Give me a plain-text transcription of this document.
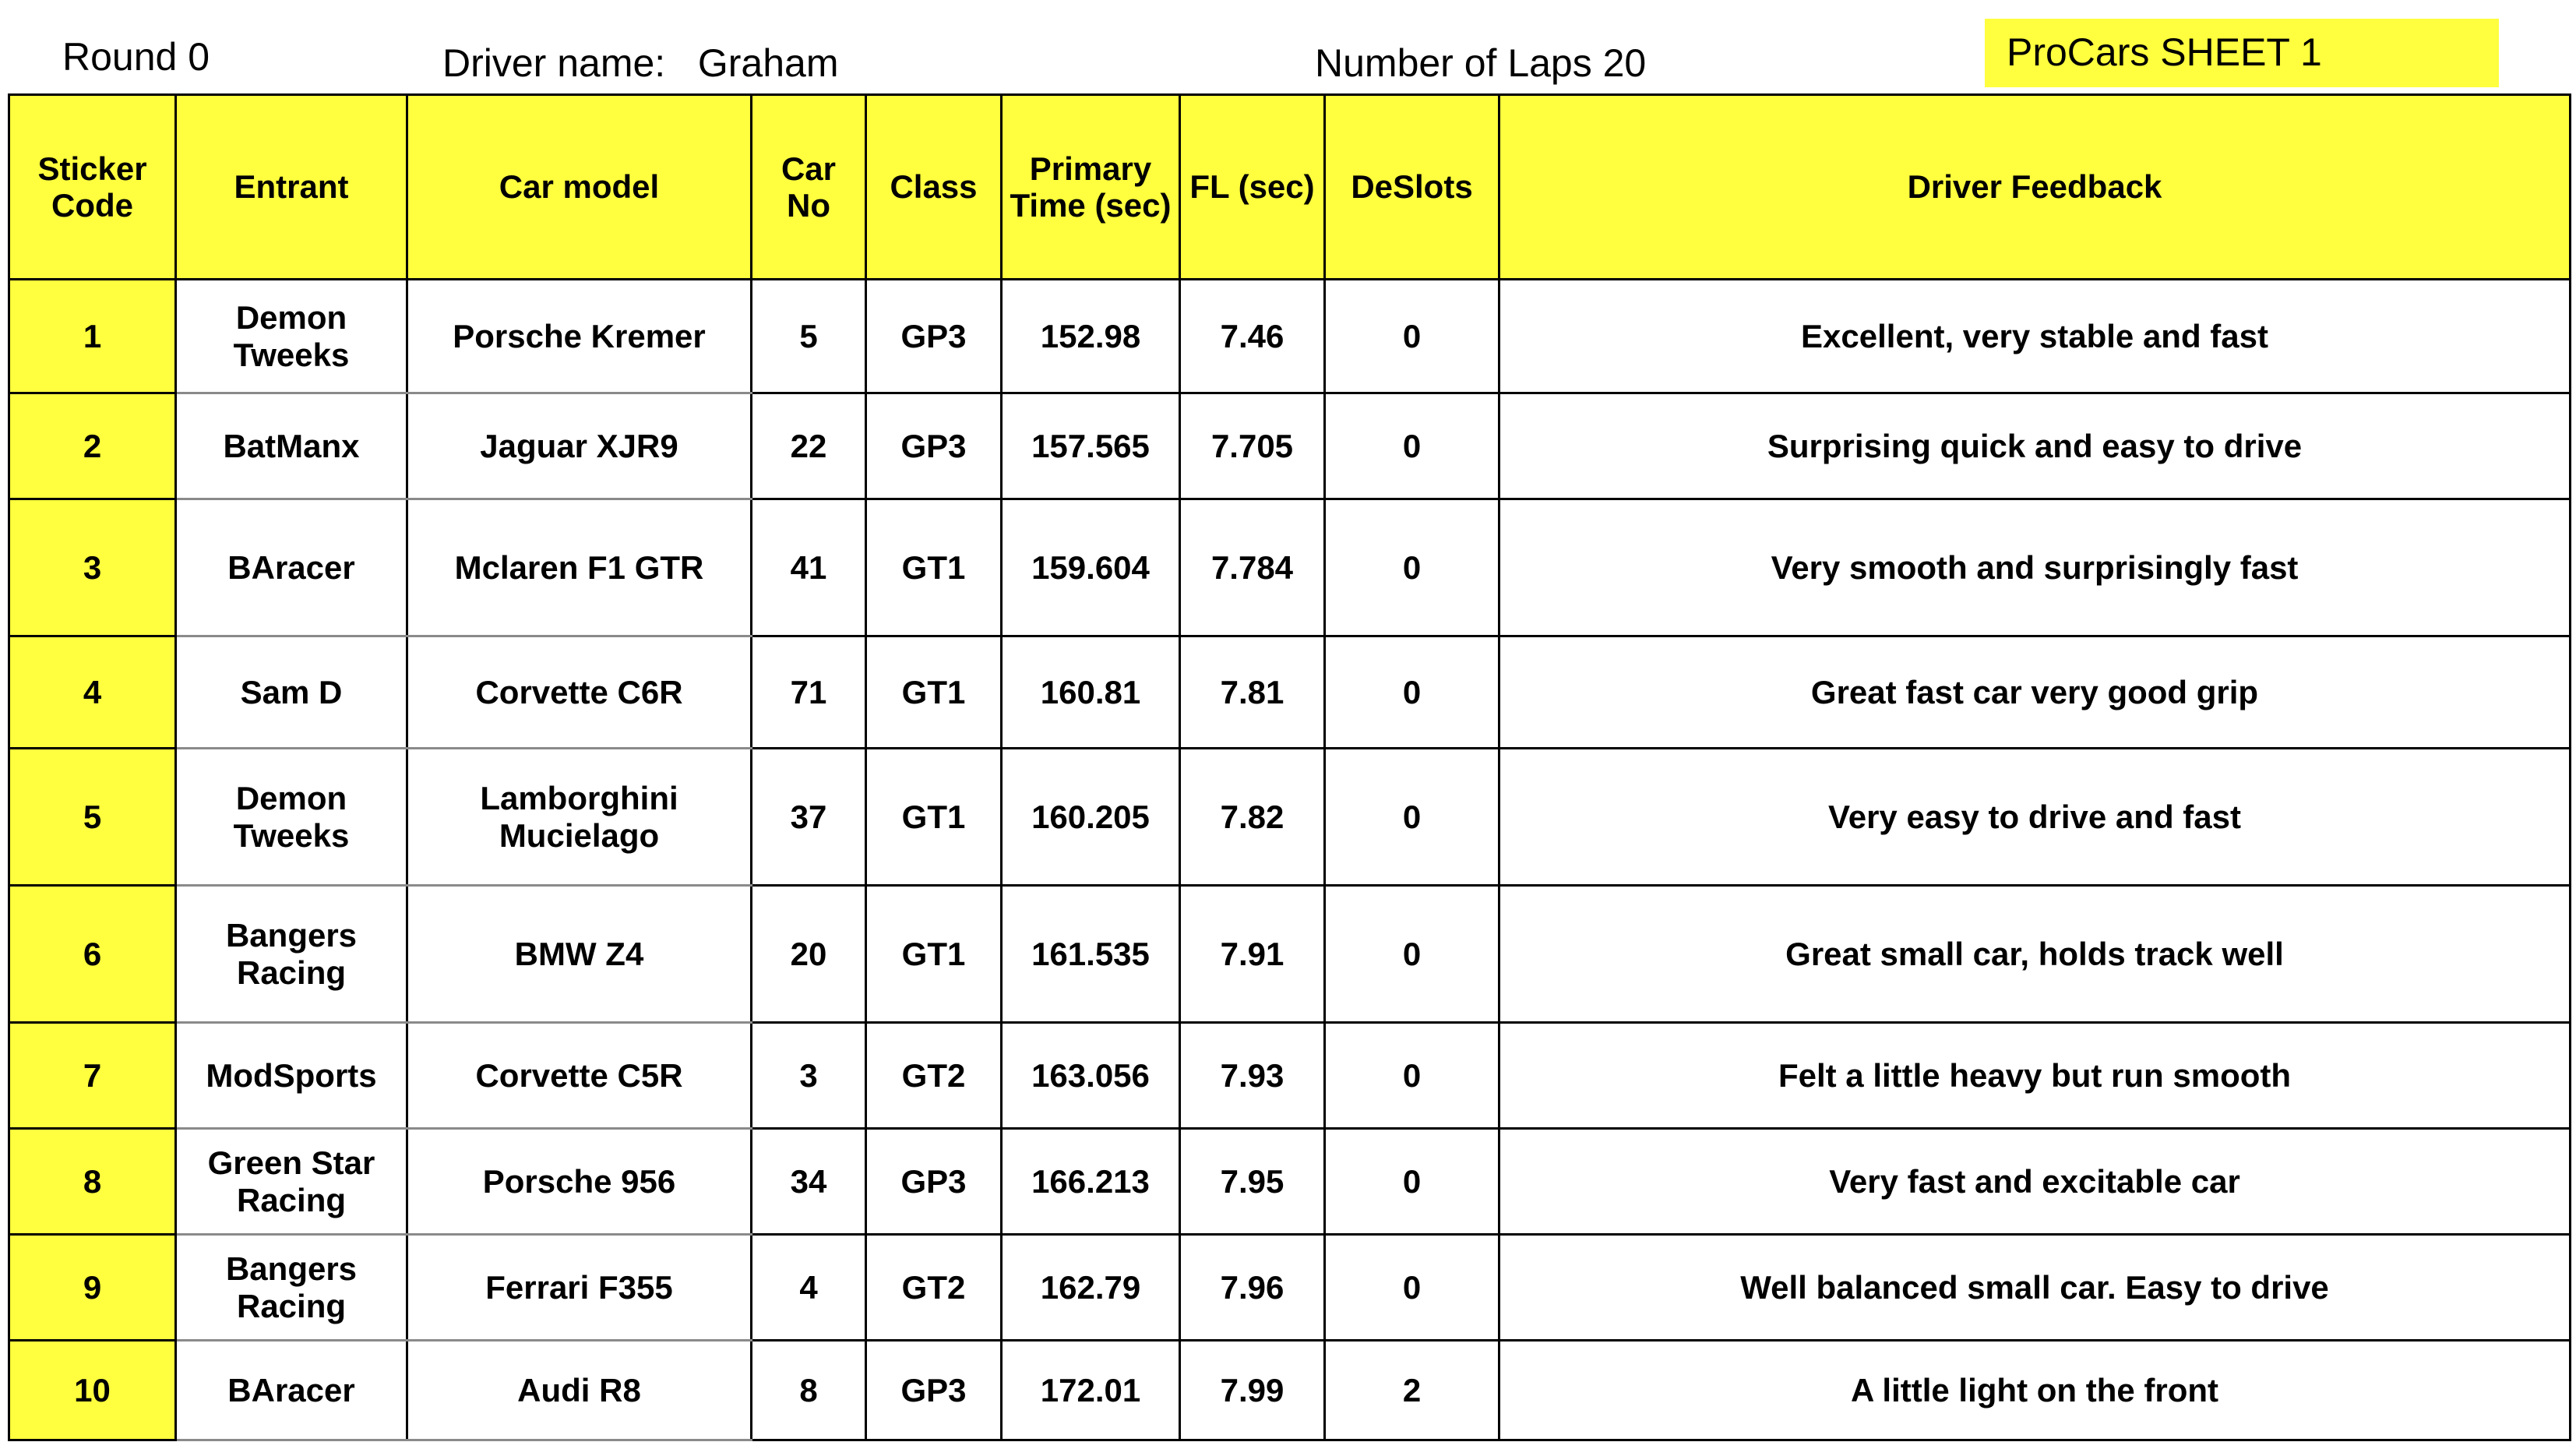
Round 0	Driver name:   Graham	Number of Laps 20	ProCars SHEET 1
Sticker Code	Entrant	Car model	Car No	Class	Primary Time (sec)	FL (sec)	DeSlots	Driver Feedback
1	Demon Tweeks	Porsche Kremer	5	GP3	152.98	7.46	0	Excellent, very stable and fast
2	BatManx	Jaguar XJR9	22	GP3	157.565	7.705	0	Surprising quick and easy to drive
3	BAracer	Mclaren F1 GTR	41	GT1	159.604	7.784	0	Very smooth and surprisingly fast
4	Sam D	Corvette C6R	71	GT1	160.81	7.81	0	Great fast car very good grip
5	Demon Tweeks	Lamborghini Mucielago	37	GT1	160.205	7.82	0	Very easy to drive and fast
6	Bangers Racing	BMW Z4	20	GT1	161.535	7.91	0	Great small car, holds track well
7	ModSports	Corvette C5R	3	GT2	163.056	7.93	0	Felt a little heavy but run smooth
8	Green Star Racing	Porsche 956	34	GP3	166.213	7.95	0	Very fast and excitable car
9	Bangers Racing	Ferrari F355	4	GT2	162.79	7.96	0	Well balanced small car. Easy to drive
10	BAracer	Audi R8	8	GP3	172.01	7.99	2	A little light on the front
